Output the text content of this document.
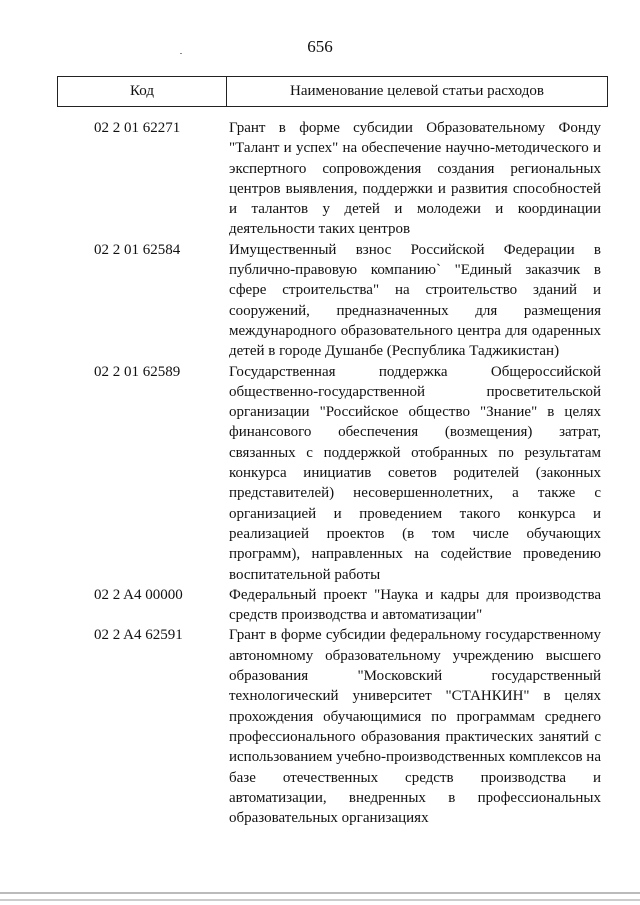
656
Код	Наименование целевой статьи расходов
02 2 01 62271	Грант в форме субсидии Образовательному Фонду "Талант и успех" на обеспечение научно-методического и экспертного сопровождения создания региональных центров выявления, поддержки и развития способностей и талантов у детей и молодежи и координации деятельности таких центров
02 2 01 62584	Имущественный взнос Российской Федерации в публично-правовую компанию` "Единый заказчик в сфере строительства" на строительство зданий и сооружений, предназначенных для размещения международного образовательного центра для одаренных детей в городе Душанбе (Республика Таджикистан)
02 2 01 62589	Государственная поддержка Общероссийской общественно-государственной просветительской организации "Российское общество "Знание" в целях финансового обеспечения (возмещения) затрат, связанных с поддержкой отобранных по результатам конкурса инициатив советов родителей (законных представителей) несовершеннолетних, а также с организацией и проведением такого конкурса и реализацией проектов (в том числе обучающих программ), направленных на содействие проведению воспитательной работы
02 2 A4 00000	Федеральный проект "Наука и кадры для производства средств производства и автоматизации"
02 2 A4 62591	Грант в форме субсидии федеральному государственному автономному образовательному учреждению высшего образования "Московский государственный технологический университет "СТАНКИН" в целях прохождения обучающимися по программам среднего профессионального образования практических занятий с использованием учебно-производственных комплексов на базе отечественных средств производства и автоматизации, внедренных в профессиональных образовательных организациях
